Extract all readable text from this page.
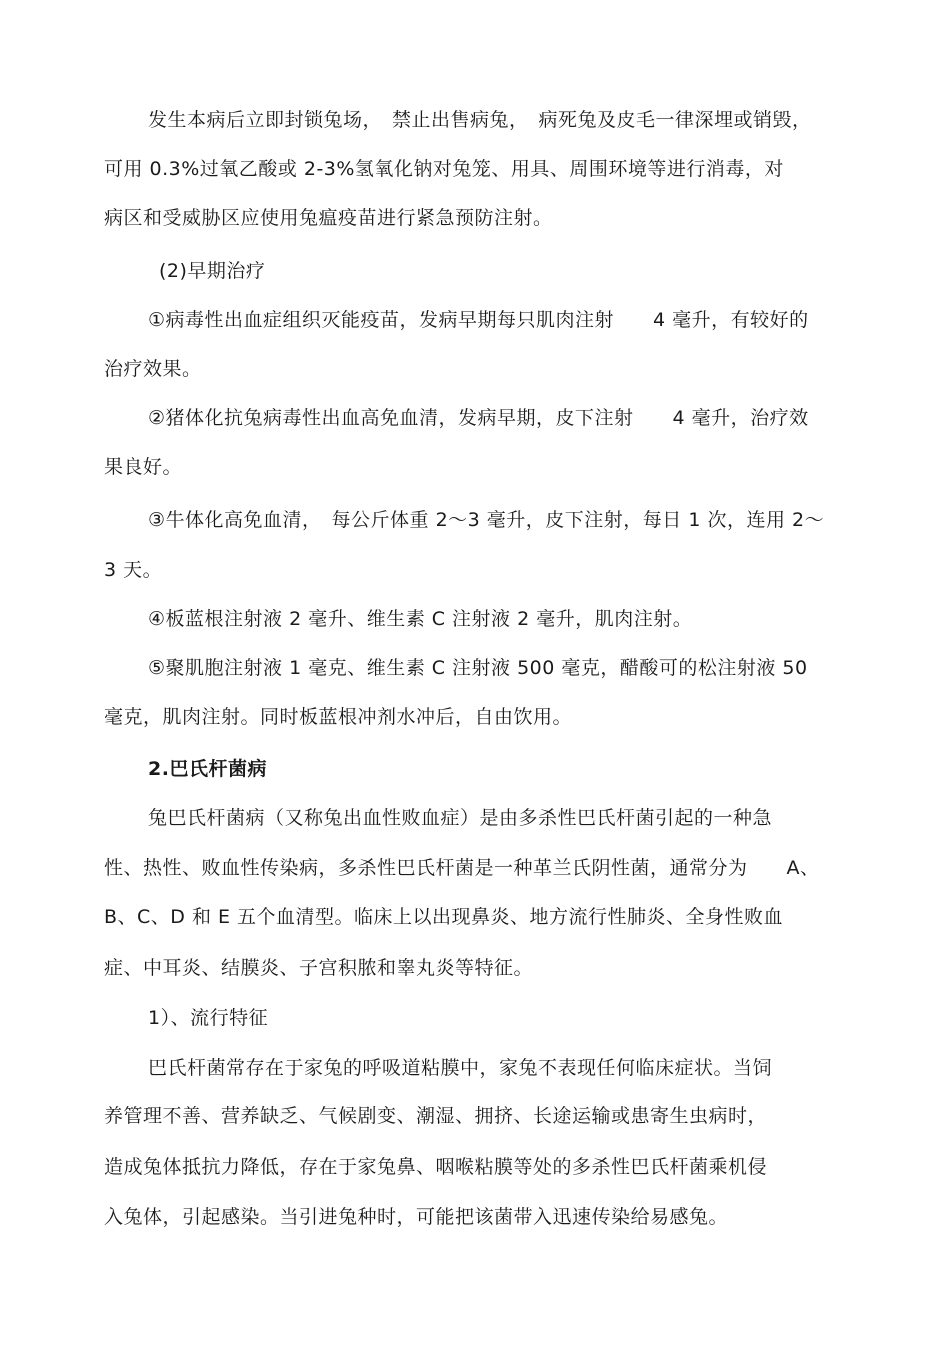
发生本病后立即封锁兔场，　禁止出售病兔，　病死兔及皮毛一律深埋或销毁，
可用 0.3%过氧乙酸或 2-3%氢氧化钠对兔笼、用具、周围环境等进行消毒，对
病区和受威胁区应使用兔瘟疫苗进行紧急预防注射。
(2)早期治疗
①病毒性出血症组织灭能疫苗，发病早期每只肌肉注射　　4 毫升，有较好的
治疗效果。
②猪体化抗兔病毒性出血高免血清，发病早期，皮下注射　　4 毫升，治疗效
果良好。
③牛体化高免血清，　每公斤体重 2～3 毫升，皮下注射，每日 1 次，连用 2～
3 天。
④板蓝根注射液 2 毫升、维生素 C 注射液 2 毫升，肌肉注射。
⑤聚肌胞注射液 1 毫克、维生素 C 注射液 500 毫克，醋酸可的松注射液 50
毫克，肌肉注射。同时板蓝根冲剂水冲后，自由饮用。
2.巴氏杆菌病
兔巴氏杆菌病（又称兔出血性败血症）是由多杀性巴氏杆菌引起的一种急
性、热性、败血性传染病，多杀性巴氏杆菌是一种革兰氏阴性菌，通常分为　　A、
B、C、D 和 E 五个血清型。临床上以出现鼻炎、地方流行性肺炎、全身性败血
症、中耳炎、结膜炎、子宫积脓和睾丸炎等特征。
1）、流行特征
巴氏杆菌常存在于家兔的呼吸道粘膜中，家兔不表现任何临床症状。当饲
养管理不善、营养缺乏、气候剧变、潮湿、拥挤、长途运输或患寄生虫病时，
造成兔体抵抗力降低，存在于家兔鼻、咽喉粘膜等处的多杀性巴氏杆菌乘机侵
入兔体，引起感染。当引进兔种时，可能把该菌带入迅速传染给易感兔。
